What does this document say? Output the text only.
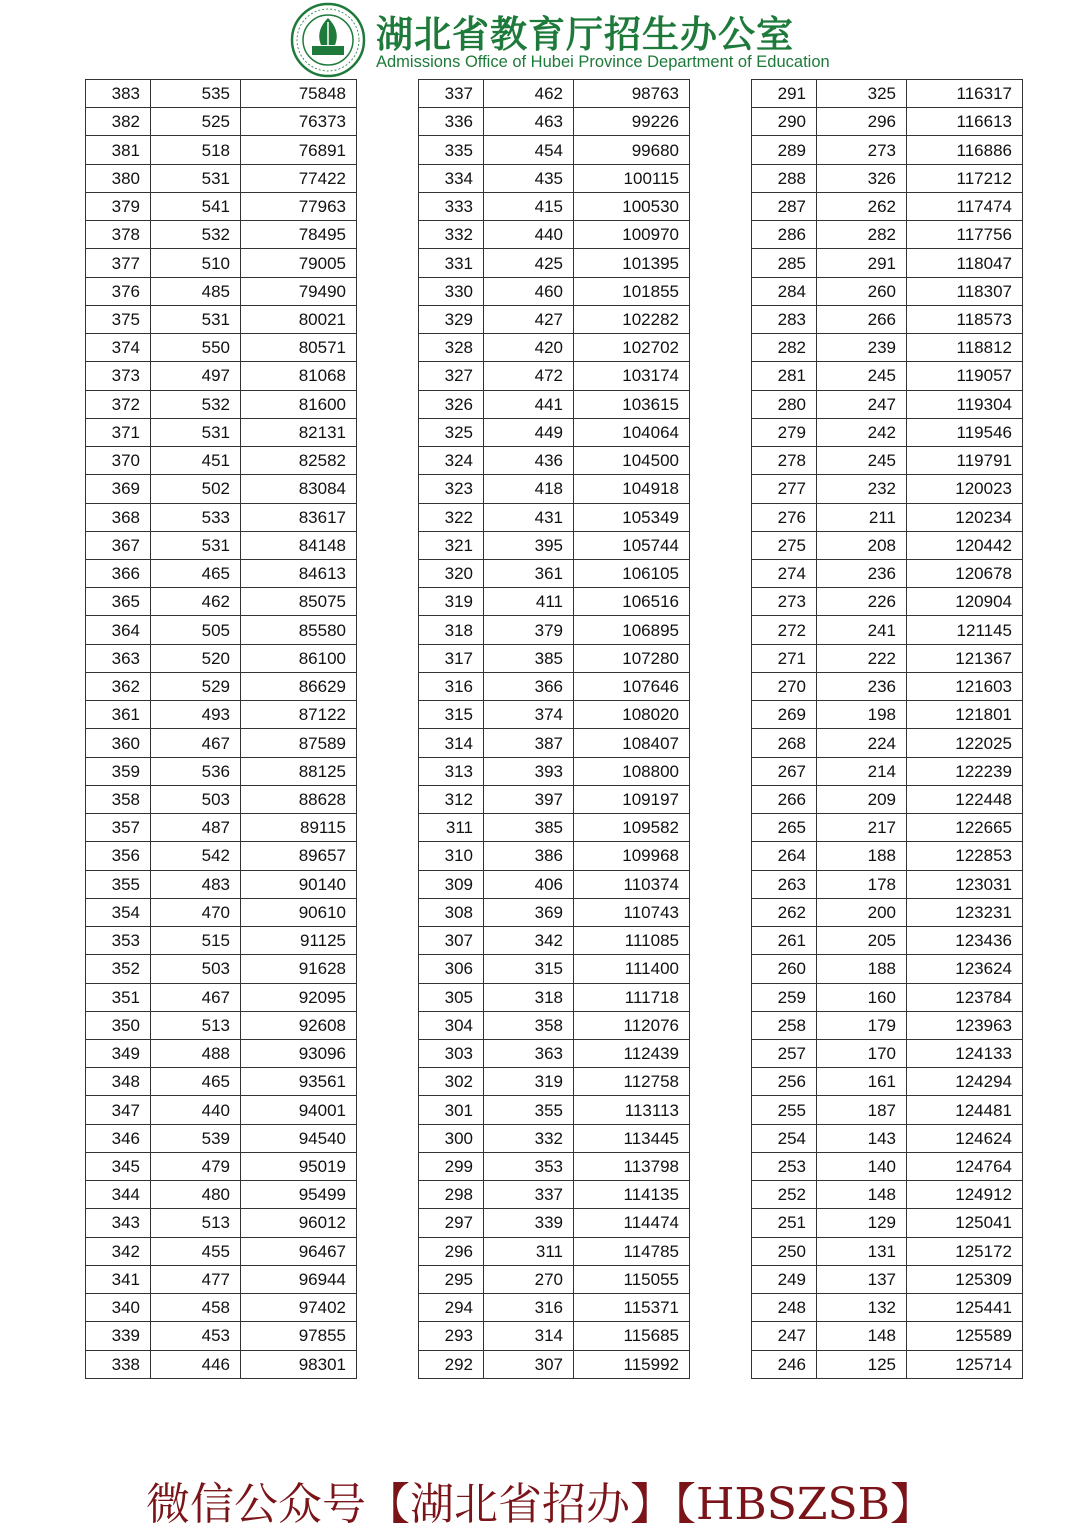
湖北省教育厅招生办公室
Admissions Office of Hubei Province Department of Education
383	535	75848
382	525	76373
381	518	76891
380	531	77422
379	541	77963
378	532	78495
377	510	79005
376	485	79490
375	531	80021
374	550	80571
373	497	81068
372	532	81600
371	531	82131
370	451	82582
369	502	83084
368	533	83617
367	531	84148
366	465	84613
365	462	85075
364	505	85580
363	520	86100
362	529	86629
361	493	87122
360	467	87589
359	536	88125
358	503	88628
357	487	89115
356	542	89657
355	483	90140
354	470	90610
353	515	91125
352	503	91628
351	467	92095
350	513	92608
349	488	93096
348	465	93561
347	440	94001
346	539	94540
345	479	95019
344	480	95499
343	513	96012
342	455	96467
341	477	96944
340	458	97402
339	453	97855
338	446	98301
337	462	98763
336	463	99226
335	454	99680
334	435	100115
333	415	100530
332	440	100970
331	425	101395
330	460	101855
329	427	102282
328	420	102702
327	472	103174
326	441	103615
325	449	104064
324	436	104500
323	418	104918
322	431	105349
321	395	105744
320	361	106105
319	411	106516
318	379	106895
317	385	107280
316	366	107646
315	374	108020
314	387	108407
313	393	108800
312	397	109197
311	385	109582
310	386	109968
309	406	110374
308	369	110743
307	342	111085
306	315	111400
305	318	111718
304	358	112076
303	363	112439
302	319	112758
301	355	113113
300	332	113445
299	353	113798
298	337	114135
297	339	114474
296	311	114785
295	270	115055
294	316	115371
293	314	115685
292	307	115992
291	325	116317
290	296	116613
289	273	116886
288	326	117212
287	262	117474
286	282	117756
285	291	118047
284	260	118307
283	266	118573
282	239	118812
281	245	119057
280	247	119304
279	242	119546
278	245	119791
277	232	120023
276	211	120234
275	208	120442
274	236	120678
273	226	120904
272	241	121145
271	222	121367
270	236	121603
269	198	121801
268	224	122025
267	214	122239
266	209	122448
265	217	122665
264	188	122853
263	178	123031
262	200	123231
261	205	123436
260	188	123624
259	160	123784
258	179	123963
257	170	124133
256	161	124294
255	187	124481
254	143	124624
253	140	124764
252	148	124912
251	129	125041
250	131	125172
249	137	125309
248	132	125441
247	148	125589
246	125	125714
微信公众号【湖北省招办】【HBSZSB】
